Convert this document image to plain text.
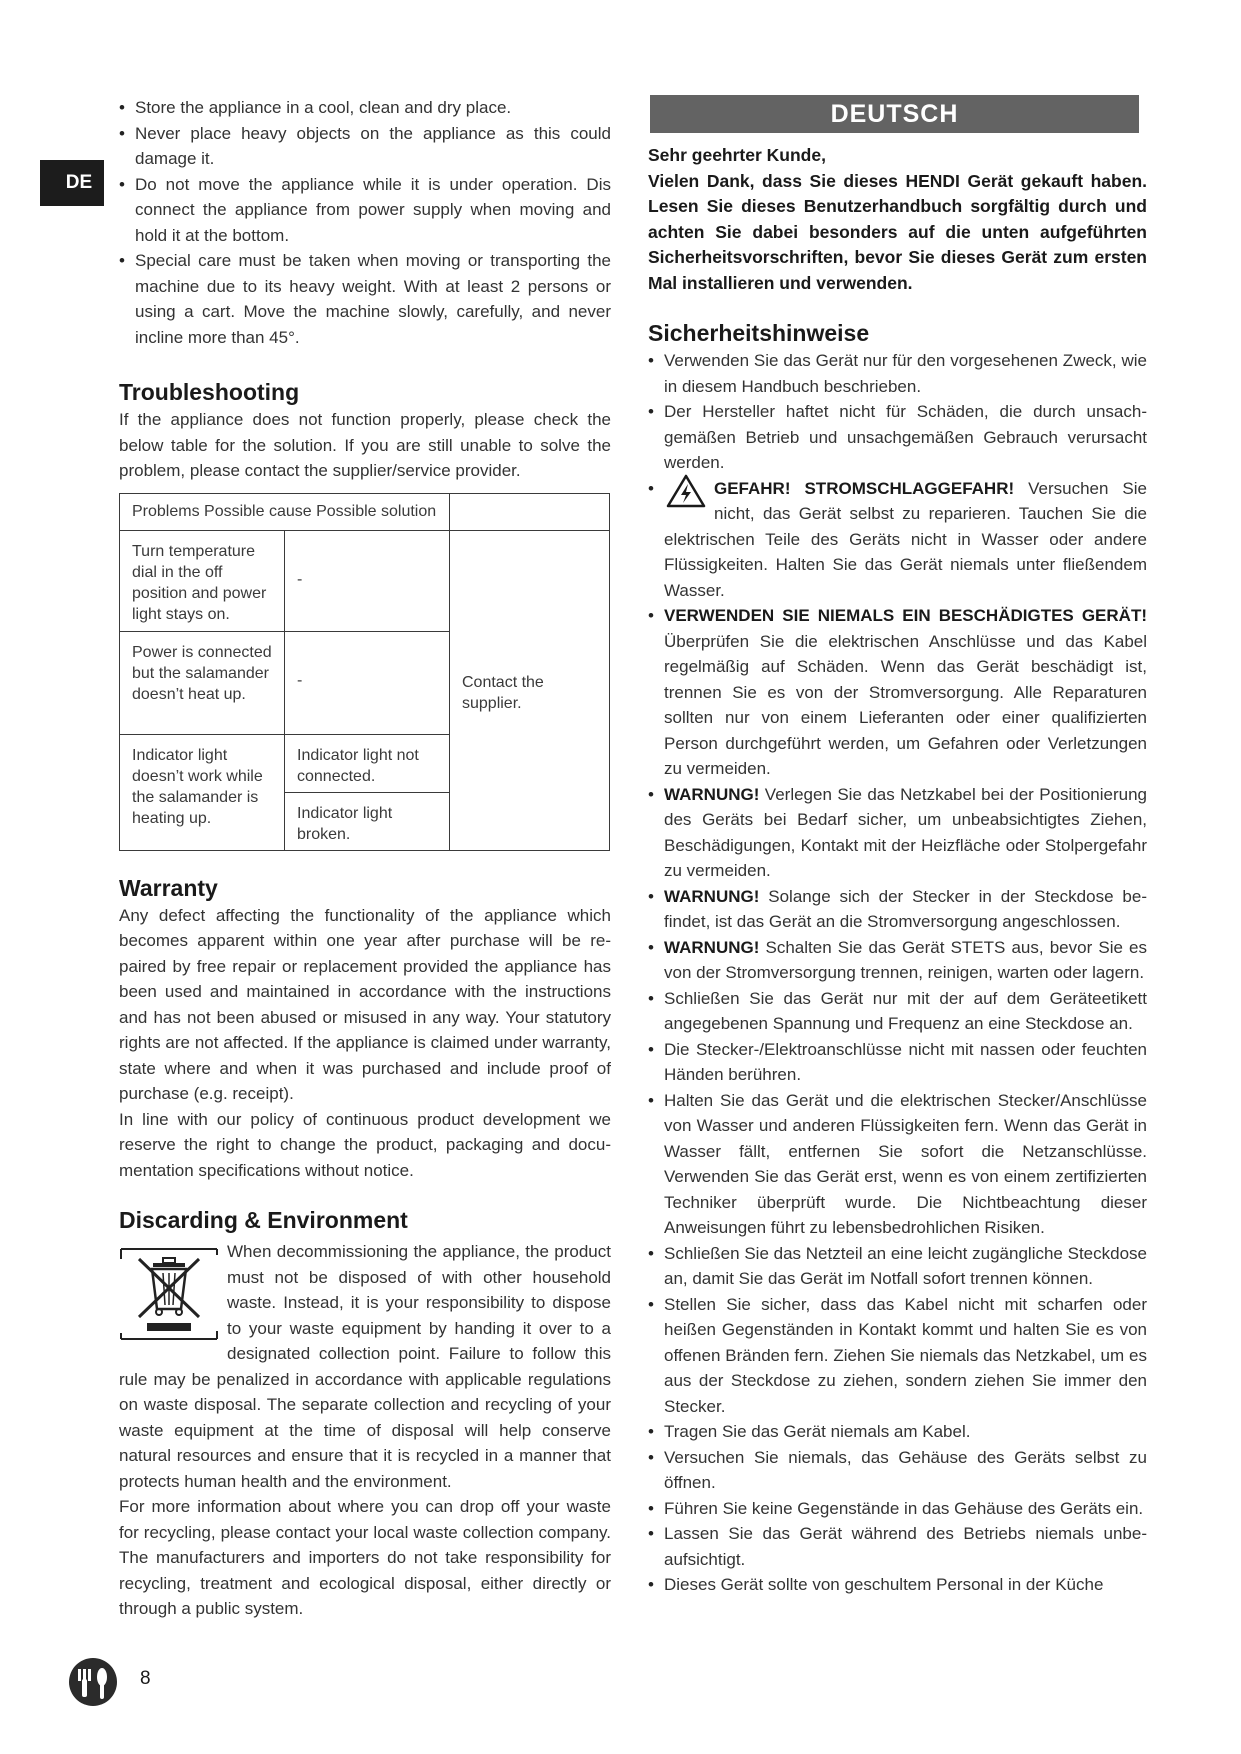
DE
• Store the appliance in a cool, clean and dry place.
• Never place heavy objects on the appliance as this could damage it.
• Do not move the appliance while it is under operation. Dis connect the appliance from power supply when moving and hold it at the bottom.
• Special care must be taken when moving or transporting the machine due to its heavy weight. With at least 2 persons or using a cart. Move the machine slowly, carefully, and never incline more than 45°.
Troubleshooting

If the appliance does not function properly, please check the below table for the solution. If you are still unable to solve the problem, please contact the supplier/service provider.

Problems Possible cause Possible solution		
Turn temperature dial in the off position and power light stays on.	-	Contact the supplier.
Power is connected but the salamander doesn’t heat up.	-	
Indicator light doesn’t work while the salamander is heating up.	Indicator light not connected.	
	Indicator light broken.	
Warranty

Any defect affecting the functionality of the appliance which becomes apparent within one year after purchase will be repaired by free repair or replacement provided the appliance has been used and maintained in accordance with the instructions and has not been abused or misused in any way. Your statutory rights are not affected. If the appliance is claimed under warranty, state where and when it was purchased and include proof of purchase (e.g. receipt).

In line with our policy of continuous product development we reserve the right to change the product, packaging and documentation specifications without notice.

Discarding & Environment

When decommissioning the appliance, the product must not be disposed of with other household waste. Instead, it is your responsibility to dispose to your waste equipment by handing it over to a designated collection point. Failure to follow this rule may be penalized in accordance with applicable regulations on waste disposal. The separate collection and recycling of your waste equipment at the time of disposal will help conserve natural resources and ensure that it is recycled in a manner that protects human health and the environment.

For more information about where you can drop off your waste for recycling, please contact your local waste collection company. The manufacturers and importers do not take responsibility for recycling, treatment and ecological disposal, either directly or through a public system.

DEUTSCH

Sehr geehrter Kunde,

Vielen Dank, dass Sie dieses HENDI Gerät gekauft haben. Lesen Sie dieses Benutzerhandbuch sorgfältig durch und achten Sie dabei besonders auf die unten aufgeführten Sicherheitsvorschriften, bevor Sie dieses Gerät zum ersten Mal installieren und verwenden.

Sicherheitshinweise
• Verwenden Sie das Gerät nur für den vorgesehenen Zweck, wie in diesem Handbuch beschrieben.
• Der Hersteller haftet nicht für Schäden, die durch unsachgemäßen Betrieb und unsachgemäßen Gebrauch verursacht werden.
• GEFAHR! STROMSCHLAGGEFAHR! Versuchen Sie nicht, das Gerät selbst zu reparieren. Tauchen Sie die elektrischen Teile des Geräts nicht in Wasser oder andere Flüssigkeiten. Halten Sie das Gerät niemals unter fließendem Wasser.
• VERWENDEN SIE NIEMALS EIN BESCHÄDIGTES GERÄT! Überprüfen Sie die elektrischen Anschlüsse und das Kabel regelmäßig auf Schäden. Wenn das Gerät beschädigt ist, trennen Sie es von der Stromversorgung. Alle Reparaturen sollten nur von einem Lieferanten oder einer qualifizierten Person durchgeführt werden, um Gefahren oder Verletzungen zu vermeiden.
• WARNUNG! Verlegen Sie das Netzkabel bei der Positionierung des Geräts bei Bedarf sicher, um unbeabsichtigtes Ziehen, Beschädigungen, Kontakt mit der Heizfläche oder Stolpergefahr zu vermeiden.
• WARNUNG! Solange sich der Stecker in der Steckdose befindet, ist das Gerät an die Stromversorgung angeschlossen.
• WARNUNG! Schalten Sie das Gerät STETS aus, bevor Sie es von der Stromversorgung trennen, reinigen, warten oder lagern.
• Schließen Sie das Gerät nur mit der auf dem Geräteetikett angegebenen Spannung und Frequenz an eine Steckdose an.
• Die Stecker-/Elektroanschlüsse nicht mit nassen oder feuchten Händen berühren.
• Halten Sie das Gerät und die elektrischen Stecker/Anschlüsse von Wasser und anderen Flüssigkeiten fern. Wenn das Gerät in Wasser fällt, entfernen Sie sofort die Netzanschlüsse. Verwenden Sie das Gerät erst, wenn es von einem zertifizierten Techniker überprüft wurde. Die Nichtbeachtung dieser Anweisungen führt zu lebensbedrohlichen Risiken.
• Schließen Sie das Netzteil an eine leicht zugängliche Steckdose an, damit Sie das Gerät im Notfall sofort trennen können.
• Stellen Sie sicher, dass das Kabel nicht mit scharfen oder heißen Gegenständen in Kontakt kommt und halten Sie es von offenen Bränden fern. Ziehen Sie niemals das Netzkabel, um es aus der Steckdose zu ziehen, sondern ziehen Sie immer den Stecker.
• Tragen Sie das Gerät niemals am Kabel.
• Versuchen Sie niemals, das Gehäuse des Geräts selbst zu öffnen.
• Führen Sie keine Gegenstände in das Gehäuse des Geräts ein.
• Lassen Sie das Gerät während des Betriebs niemals unbeaufsichtigt.
• Dieses Gerät sollte von geschultem Personal in der Küche
8
